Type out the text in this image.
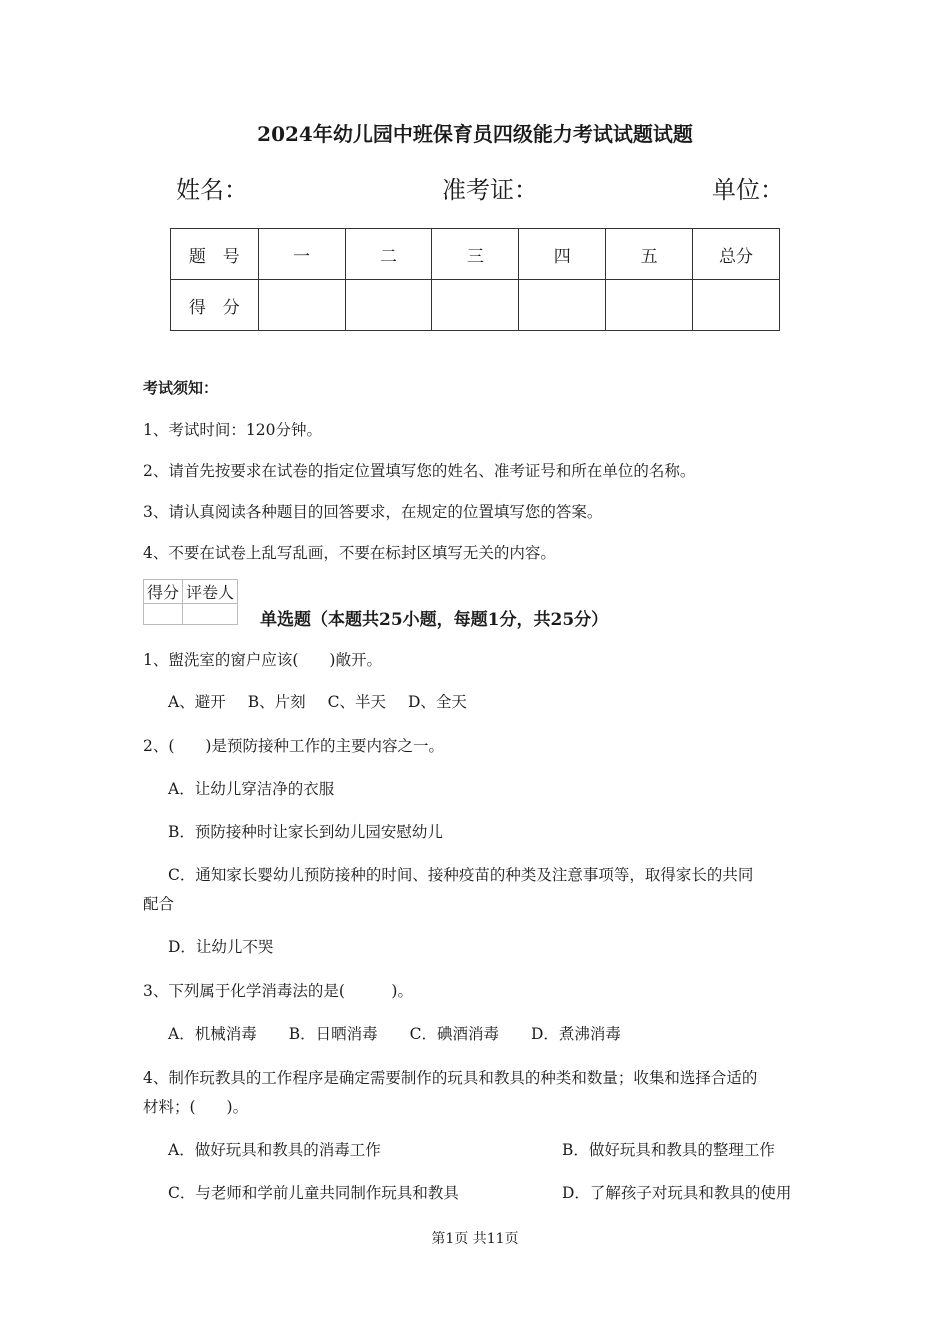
2024年幼儿园中班保育员四级能力考试试题试题
姓名：	准考证：	单位：
题　号	一	二	三	四	五	总分
得　分						
考试须知：
1、考试时间：120分钟。
2、请首先按要求在试卷的指定位置填写您的姓名、准考证号和所在单位的名称。
3、请认真阅读各种题目的回答要求，在规定的位置填写您的答案。
4、不要在试卷上乱写乱画，不要在标封区填写无关的内容。
得分	评卷人

单选题（本题共25小题，每题1分，共25分）
1、盥洗室的窗户应该(　　)敞开。
A、避开 B、片刻 C、半天 D、全天
2、(　　)是预防接种工作的主要内容之一。
A．让幼儿穿洁净的衣服
B．预防接种时让家长到幼儿园安慰幼儿
C．通知家长婴幼儿预防接种的时间、接种疫苗的种类及注意事项等，取得家长的共同
配合
D．让幼儿不哭
3、下列属于化学消毒法的是(　　　)。
A．机械消毒 B．日晒消毒 C．碘酒消毒 D．煮沸消毒
4、制作玩教具的工作程序是确定需要制作的玩具和教具的种类和数量；收集和选择合适的
材料；(　　)。
A．做好玩具和教具的消毒工作	B．做好玩具和教具的整理工作
C．与老师和学前儿童共同制作玩具和教具	D．了解孩子对玩具和教具的使用
第1页 共11页
